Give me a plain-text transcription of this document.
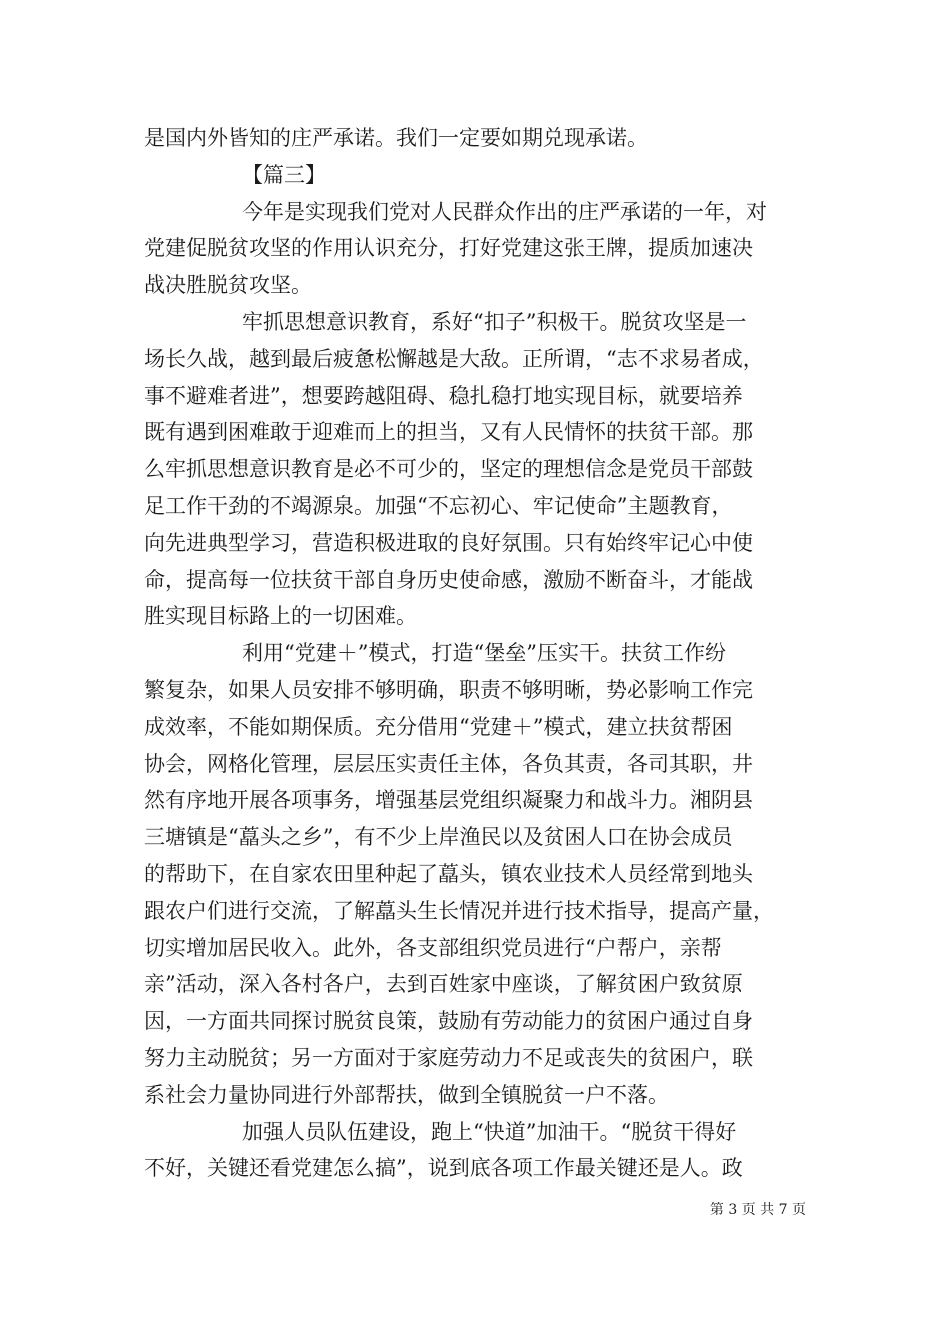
是国内外皆知的庄严承诺。我们一定要如期兑现承诺。
【篇三】
今年是实现我们党对人民群众作出的庄严承诺的一年，对
党建促脱贫攻坚的作用认识充分，打好党建这张王牌，提质加速决
战决胜脱贫攻坚。
牢抓思想意识教育，系好“扣子”积极干。脱贫攻坚是一
场长久战，越到最后疲惫松懈越是大敌。正所谓，“志不求易者成，
事不避难者进”，想要跨越阻碍、稳扎稳打地实现目标，就要培养
既有遇到困难敢于迎难而上的担当，又有人民情怀的扶贫干部。那
么牢抓思想意识教育是必不可少的，坚定的理想信念是党员干部鼓
足工作干劲的不竭源泉。加强“不忘初心、牢记使命”主题教育，
向先进典型学习，营造积极进取的良好氛围。只有始终牢记心中使
命，提高每一位扶贫干部自身历史使命感，激励不断奋斗，才能战
胜实现目标路上的一切困难。
利用“党建＋”模式，打造“堡垒”压实干。扶贫工作纷
繁复杂，如果人员安排不够明确，职责不够明晰，势必影响工作完
成效率，不能如期保质。充分借用“党建＋”模式，建立扶贫帮困
协会，网格化管理，层层压实责任主体，各负其责，各司其职，井
然有序地开展各项事务，增强基层党组织凝聚力和战斗力。湘阴县
三塘镇是“藠头之乡”，有不少上岸渔民以及贫困人口在协会成员
的帮助下，在自家农田里种起了藠头，镇农业技术人员经常到地头
跟农户们进行交流，了解藠头生长情况并进行技术指导，提高产量，
切实增加居民收入。此外，各支部组织党员进行“户帮户，亲帮
亲”活动，深入各村各户，去到百姓家中座谈，了解贫困户致贫原
因，一方面共同探讨脱贫良策，鼓励有劳动能力的贫困户通过自身
努力主动脱贫；另一方面对于家庭劳动力不足或丧失的贫困户，联
系社会力量协同进行外部帮扶，做到全镇脱贫一户不落。
加强人员队伍建设，跑上“快道”加油干。“脱贫干得好
不好，关键还看党建怎么搞”，说到底各项工作最关键还是人。政
第 3 页 共 7 页
